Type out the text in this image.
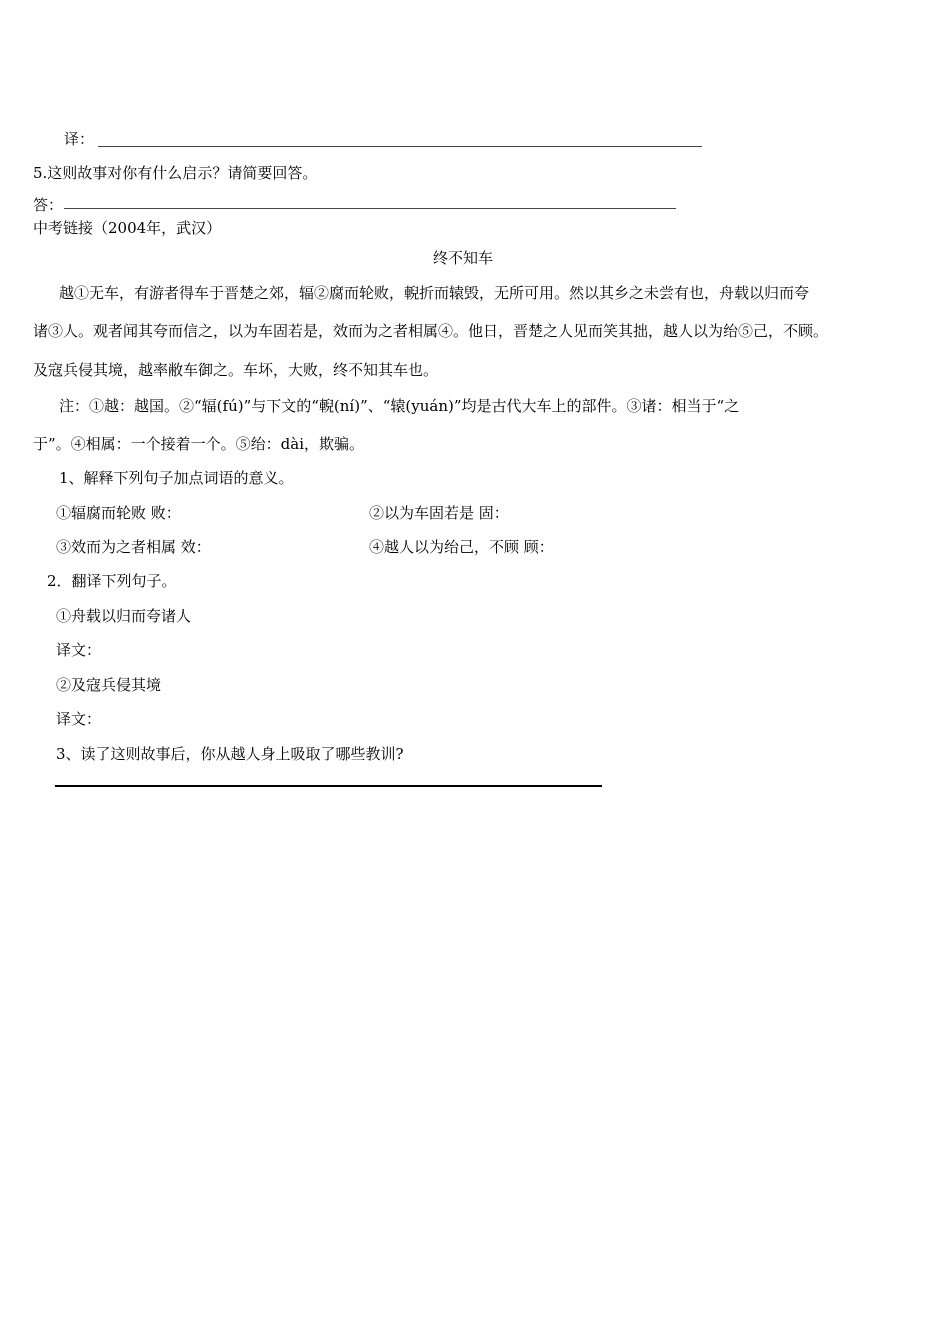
译：
5.这则故事对你有什么启示？请简要回答。
答：
中考链接（2004年，武汉）
终不知车
越①无车，有游者得车于晋楚之郊，辐②腐而轮败，輗折而辕毁，无所可用。然以其乡之未尝有也，舟载以归而夸
诸③人。观者闻其夸而信之，以为车固若是，效而为之者相属④。他日，晋楚之人见而笑其拙，越人以为绐⑤己，不顾。
及寇兵侵其境，越率敝车御之。车坏，大败，终不知其车也。
注：①越：越国。②“辐(fú)”与下文的“輗(ní)”、“辕(yuán)”均是古代大车上的部件。③诸：相当于“之
于”。④相属：一个接着一个。⑤绐：dài，欺骗。
1、解释下列句子加点词语的意义。
①辐腐而轮败 败：	②以为车固若是 固：
③效而为之者相属 效：	④越人以为绐己，不顾 顾：
2．翻译下列句子。
①舟载以归而夸诸人
译文：
②及寇兵侵其境
译文：
3、读了这则故事后，你从越人身上吸取了哪些教训?
